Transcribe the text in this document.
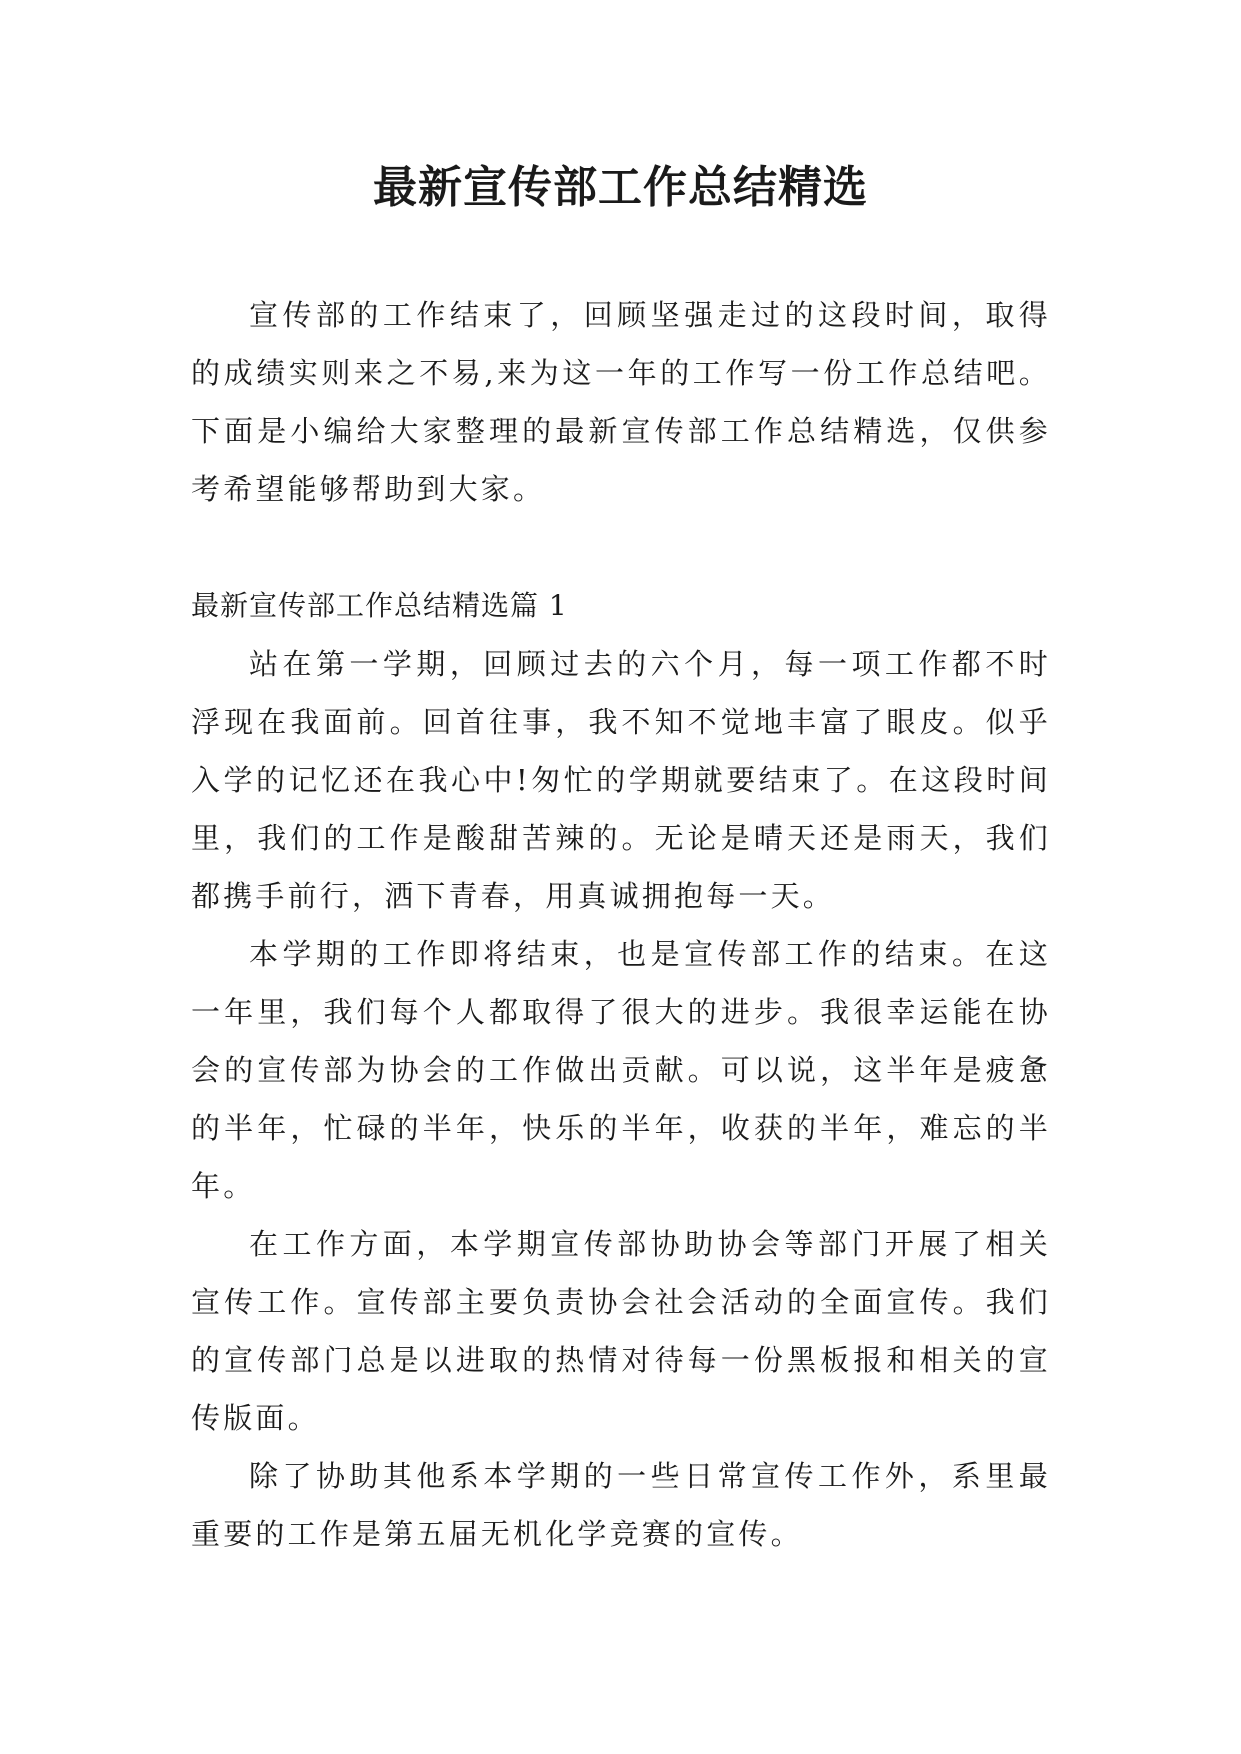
最新宣传部工作总结精选

宣传部的工作结束了，回顾坚强走过的这段时间，取得的成绩实则来之不易,来为这一年的工作写一份工作总结吧。下面是小编给大家整理的最新宣传部工作总结精选，仅供参考希望能够帮助到大家。

最新宣传部工作总结精选篇 1

站在第一学期，回顾过去的六个月，每一项工作都不时浮现在我面前。回首往事，我不知不觉地丰富了眼皮。似乎入学的记忆还在我心中!匆忙的学期就要结束了。在这段时间里，我们的工作是酸甜苦辣的。无论是晴天还是雨天，我们都携手前行，洒下青春，用真诚拥抱每一天。

本学期的工作即将结束，也是宣传部工作的结束。在这一年里，我们每个人都取得了很大的进步。我很幸运能在协会的宣传部为协会的工作做出贡献。可以说，这半年是疲惫的半年，忙碌的半年，快乐的半年，收获的半年，难忘的半年。

在工作方面，本学期宣传部协助协会等部门开展了相关宣传工作。宣传部主要负责协会社会活动的全面宣传。我们的宣传部门总是以进取的热情对待每一份黑板报和相关的宣传版面。

除了协助其他系本学期的一些日常宣传工作外，系里最重要的工作是第五届无机化学竞赛的宣传。
